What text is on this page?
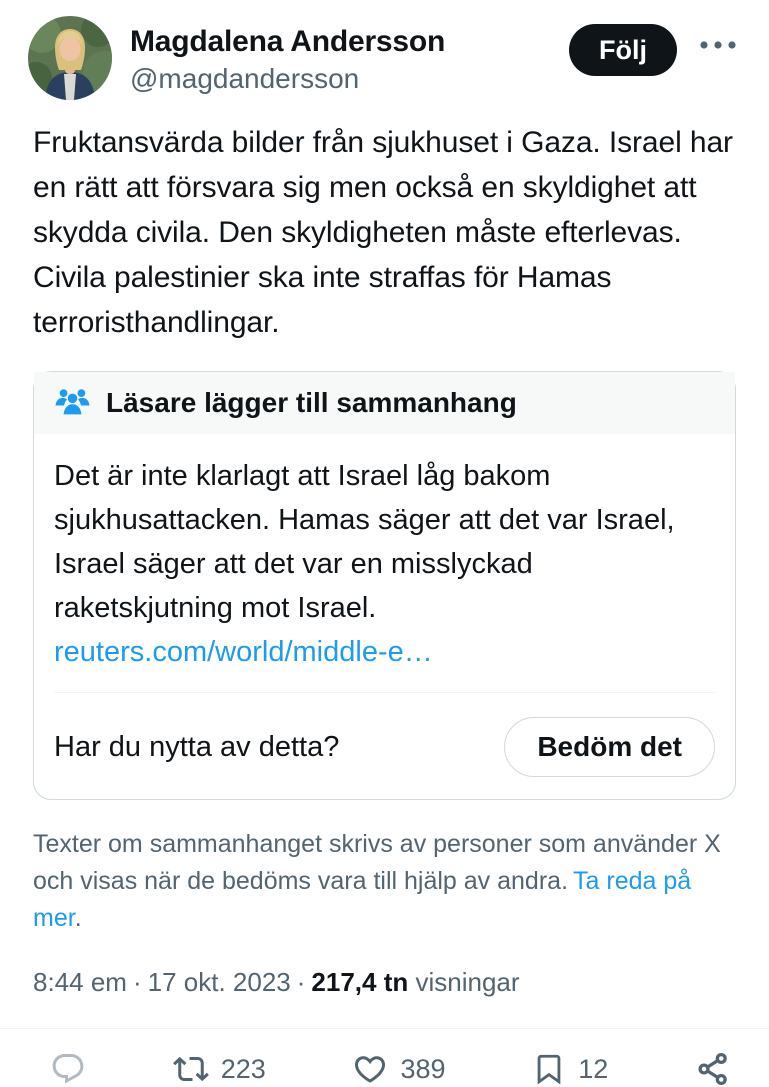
Magdalena Andersson
@magdandersson
Följ
Fruktansvärda bilder från sjukhuset i Gaza. Israel har en rätt att försvara sig men också en skyldighet att skydda civila. Den skyldigheten måste efterlevas. Civila palestinier ska inte straffas för Hamas terroristhandlingar.
Läsare lägger till sammanhang
Det är inte klarlagt att Israel låg bakom sjukhusattacken. Hamas säger att det var Israel, Israel säger att det var en misslyckad raketskjutning mot Israel.
reuters.com/world/middle-e…
Har du nytta av detta?	Bedöm det

Texter om sammanhanget skrivs av personer som använder X och visas när de bedöms vara till hjälp av andra. Ta reda på mer.

8:44 em · 17 okt. 2023 · 217,4 tn visningar
223	389	12
